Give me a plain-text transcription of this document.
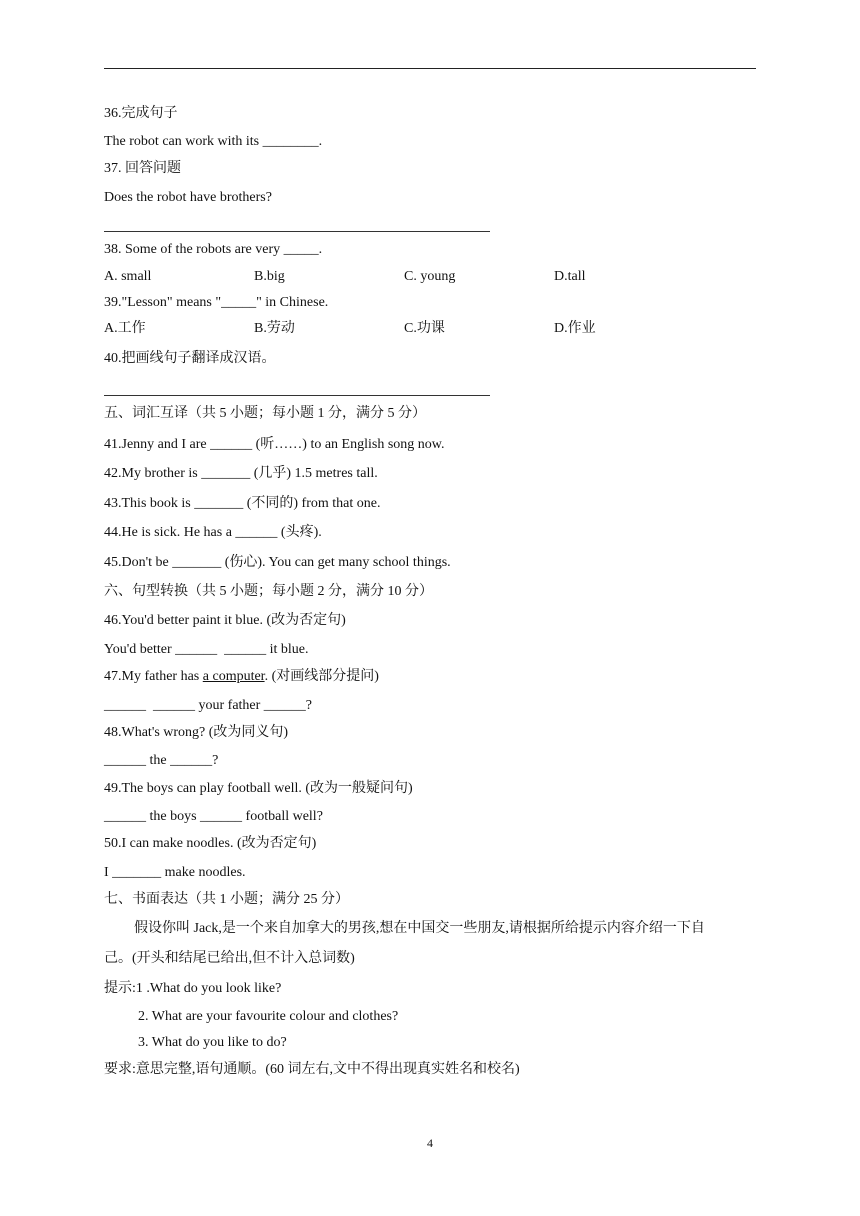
36.完成句子
The robot can work with its ________.
37. 回答问题
Does the robot have brothers?
38. Some of the robots are very _____.
A. small	B.big	C. young	D.tall
39."Lesson" means "_____" in Chinese.
A.工作	B.劳动	C.功课	D.作业
40.把画线句子翻译成汉语。
五、词汇互译（共 5 小题；每小题 1 分，满分 5 分）
41.Jenny and I are ______ (听……) to an English song now.
42.My brother is _______ (几乎) 1.5 metres tall.
43.This book is _______ (不同的) from that one.
44.He is sick. He has a ______ (头疼).
45.Don't be _______ (伤心). You can get many school things.
六、句型转换（共 5 小题；每小题 2 分，满分 10 分）
46.You'd better paint it blue. (改为否定句)
You'd better ______  ______ it blue.
47.My father has a computer. (对画线部分提问)
______  ______ your father ______?
48.What's wrong? (改为同义句)
______ the ______?
49.The boys can play football well. (改为一般疑问句)
______ the boys ______ football well?
50.I can make noodles. (改为否定句)
I _______ make noodles.
七、书面表达（共 1 小题；满分 25 分）
假设你叫 Jack,是一个来自加拿大的男孩,想在中国交一些朋友,请根据所给提示内容介绍一下自
己。(开头和结尾已给出,但不计入总词数)
提示:1 .What do you look like?
2. What are your favourite colour and clothes?
3. What do you like to do?
要求:意思完整,语句通顺。(60 词左右,文中不得出现真实姓名和校名)
4
